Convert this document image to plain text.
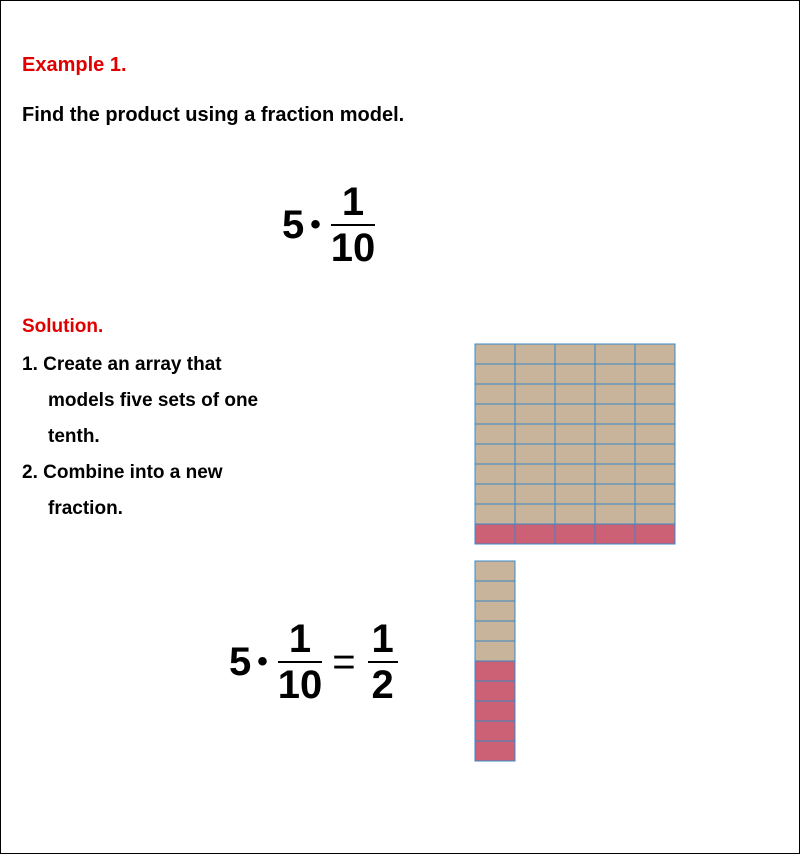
Example 1.

Find the product using a fraction model.

5 • $\frac{1}{10}$
Solution.
1. Create an array that
models five sets of one
tenth.
2. Combine into a new
fraction.
5 • $\frac{1}{10} = \frac{1}{2}$
